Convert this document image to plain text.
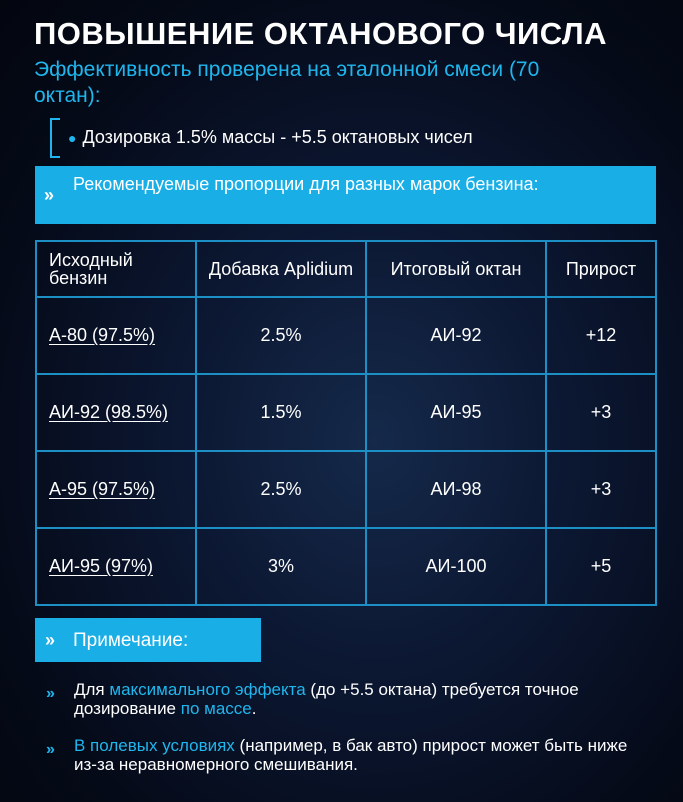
ПОВЫШЕНИЕ ОКТАНОВОГО ЧИСЛА
Эффективность проверена на эталонной смеси (70 октан):
● Дозировка 1.5% массы - +5.5 октановых чисел
»
Рекомендуемые пропорции для разных марок бензина:
Исходный бензин	Добавка Aplidium	Итоговый октан	Прирост
А-80 (97.5%)	2.5%	АИ-92	+12
АИ-92 (98.5%)	1.5%	АИ-95	+3
А-95 (97.5%)	2.5%	АИ-98	+3
АИ-95 (97%)	3%	АИ-100	+5
» Примечание:
» Для максимального эффекта (до +5.5 октана) требуется точное дозирование по массе.
» В полевых условиях (например, в бак авто) прирост может быть ниже из-за неравномерного смешивания.
